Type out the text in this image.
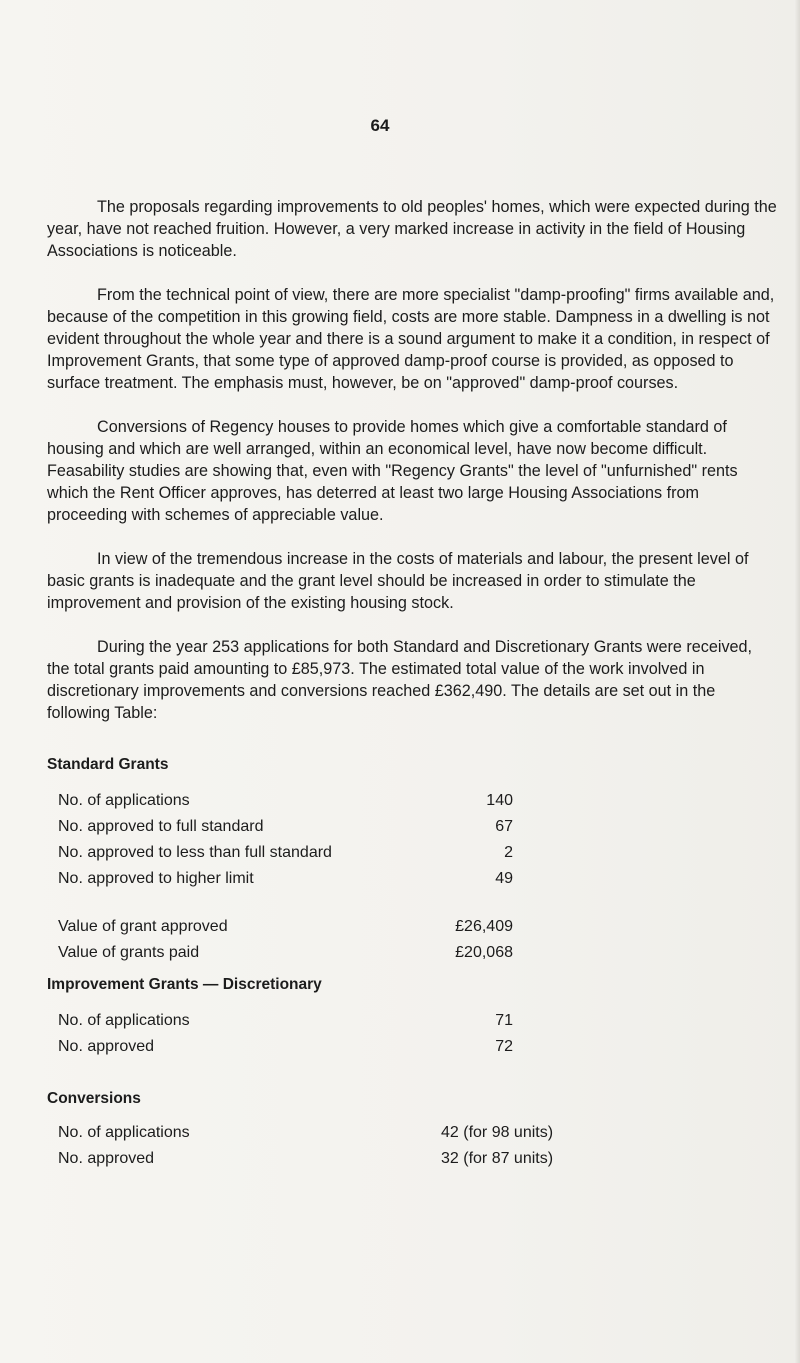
64

The proposals regarding improvements to old peoples' homes, which were expected during the year, have not reached fruition. However, a very marked increase in activity in the field of Housing Associations is noticeable.

From the technical point of view, there are more specialist "damp-proofing" firms available and, because of the competition in this growing field, costs are more stable. Dampness in a dwelling is not evident throughout the whole year and there is a sound argument to make it a condition, in respect of Improvement Grants, that some type of approved damp-proof course is provided, as opposed to surface treatment. The emphasis must, however, be on "approved" damp-proof courses.

Conversions of Regency houses to provide homes which give a comfortable standard of housing and which are well arranged, within an economical level, have now become difficult. Feasability studies are showing that, even with "Regency Grants" the level of "unfurnished" rents which the Rent Officer approves, has deterred at least two large Housing Associations from proceeding with schemes of appreciable value.

In view of the tremendous increase in the costs of materials and labour, the present level of basic grants is inadequate and the grant level should be increased in order to stimulate the improvement and provision of the existing housing stock.

During the year 253 applications for both Standard and Discretionary Grants were received, the total grants paid amounting to £85,973. The estimated total value of the work involved in discretionary improvements and conversions reached £362,490. The details are set out in the following Table:

Standard Grants
No. of applications	140
No. approved to full standard	67
No. approved to less than full standard	2
No. approved to higher limit	49
Value of grant approved	£26,409
Value of grants paid	£20,068
Improvement Grants — Discretionary
No. of applications	71
No. approved	72
Conversions
No. of applications	42 (for 98 units)
No. approved	32 (for 87 units)
